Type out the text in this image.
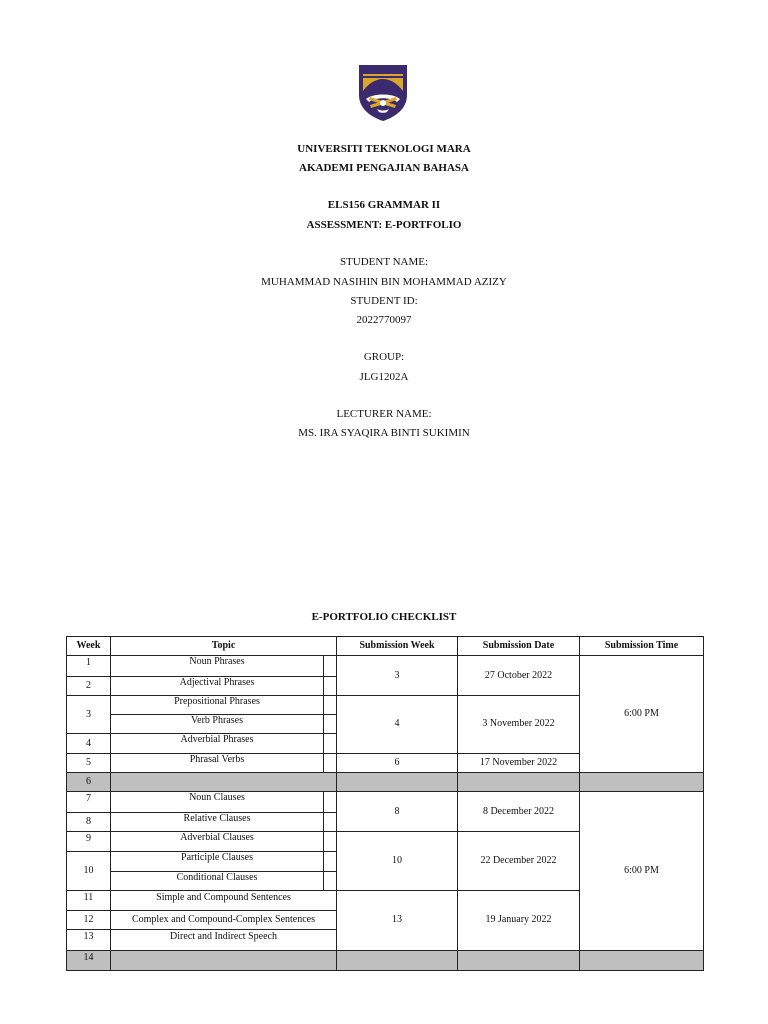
UNIVERSITI TEKNOLOGI MARA
AKADEMI PENGAJIAN BAHASA
ELS156 GRAMMAR II
ASSESSMENT: E-PORTFOLIO
STUDENT NAME:
MUHAMMAD NASIHIN BIN MOHAMMAD AZIZY
STUDENT ID:
2022770097
GROUP:
JLG1202A
LECTURER NAME:
MS. IRA SYAQIRA BINTI SUKIMIN
E-PORTFOLIO CHECKLIST
Week	Topic	Submission Week	Submission Date	Submission Time
1	Noun Phrases	3	27 October 2022	6:00 PM
2	Adjectival Phrases			

3	Prepositional Phrases	4	3 November 2022	

	Verb Phrases			

4	Adverbial Phrases			

5	Phrasal Verbs	6	17 November 2022	
6				
7	Noun Clauses	8	8 December 2022	6:00 PM
8	Relative Clauses			

9	Adverbial Clauses	10	22 December 2022	
10	Participle Clauses			

	Conditional Clauses			

11	Simple and Compound Sentences	13	19 January 2022	
12	Complex and Compound-Complex Sentences			
13	Direct and Indirect Speech			
14				
